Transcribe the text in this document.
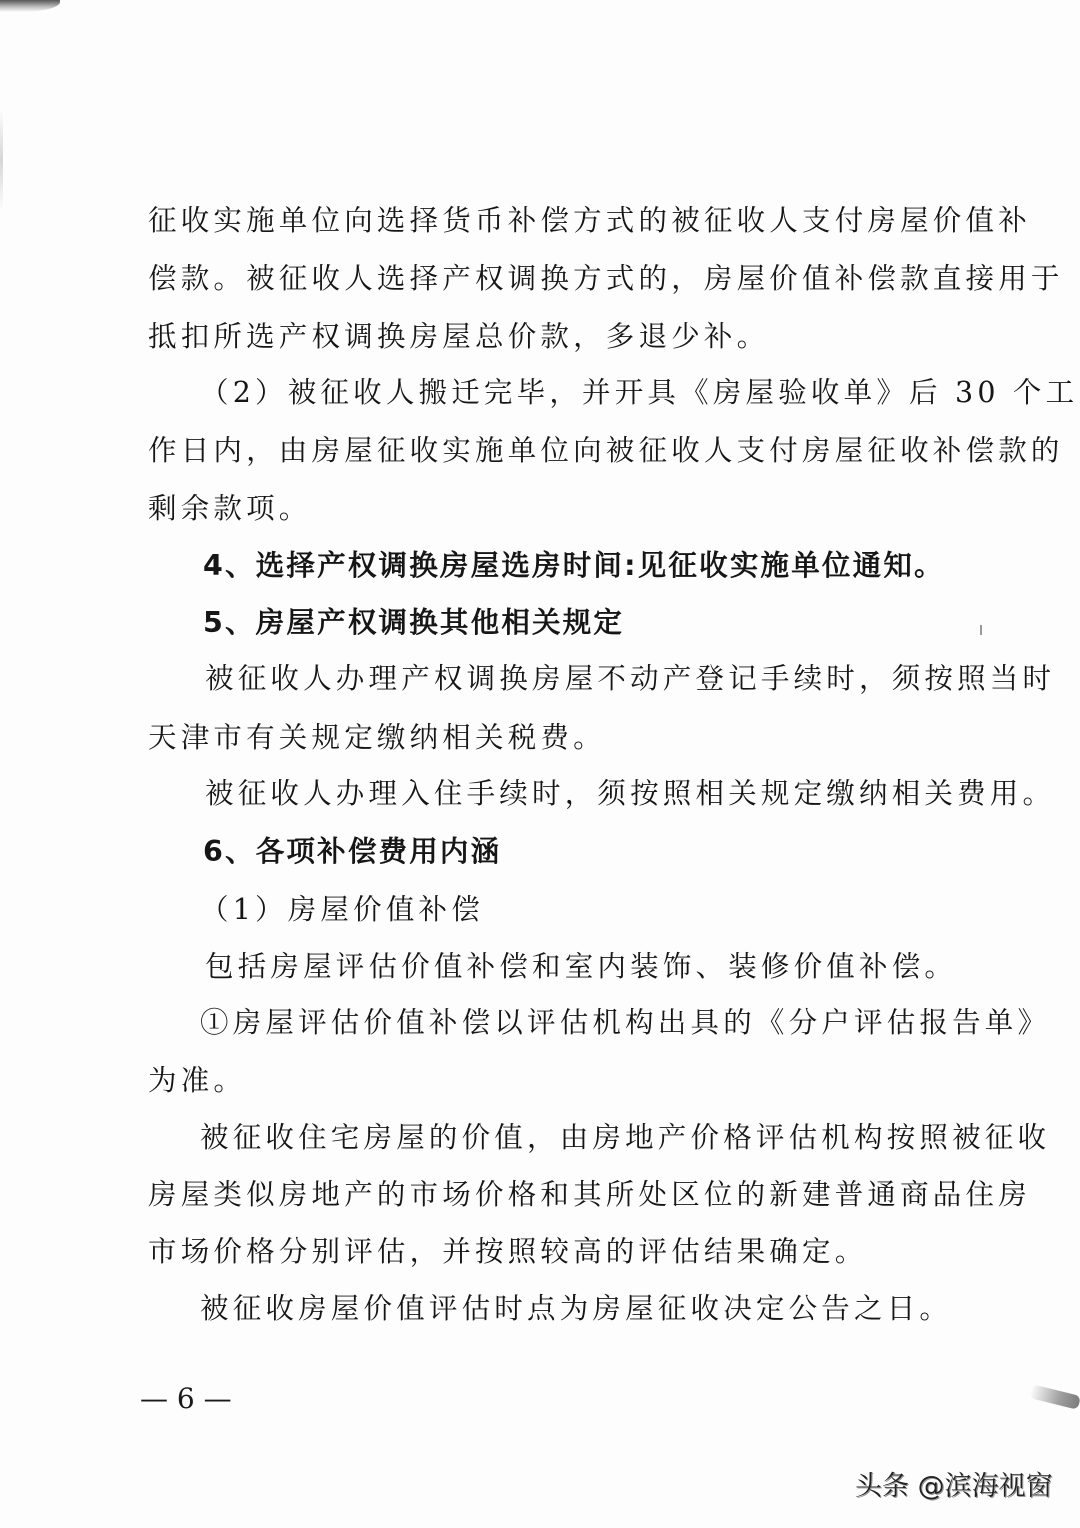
征收实施单位向选择货币补偿方式的被征收人支付房屋价值补
偿款。被征收人选择产权调换方式的，房屋价值补偿款直接用于
抵扣所选产权调换房屋总价款，多退少补。
（2）被征收人搬迁完毕，并开具《房屋验收单》后 30 个工
作日内，由房屋征收实施单位向被征收人支付房屋征收补偿款的
剩余款项。
4、选择产权调换房屋选房时间:见征收实施单位通知。
5、房屋产权调换其他相关规定
被征收人办理产权调换房屋不动产登记手续时，须按照当时
天津市有关规定缴纳相关税费。
被征收人办理入住手续时，须按照相关规定缴纳相关费用。
6、各项补偿费用内涵
（1）房屋价值补偿
包括房屋评估价值补偿和室内装饰、装修价值补偿。
①房屋评估价值补偿以评估机构出具的《分户评估报告单》
为准。
被征收住宅房屋的价值，由房地产价格评估机构按照被征收
房屋类似房地产的市场价格和其所处区位的新建普通商品住房
市场价格分别评估，并按照较高的评估结果确定。
被征收房屋价值评估时点为房屋征收决定公告之日。
— 6 —
头条 @滨海视窗
